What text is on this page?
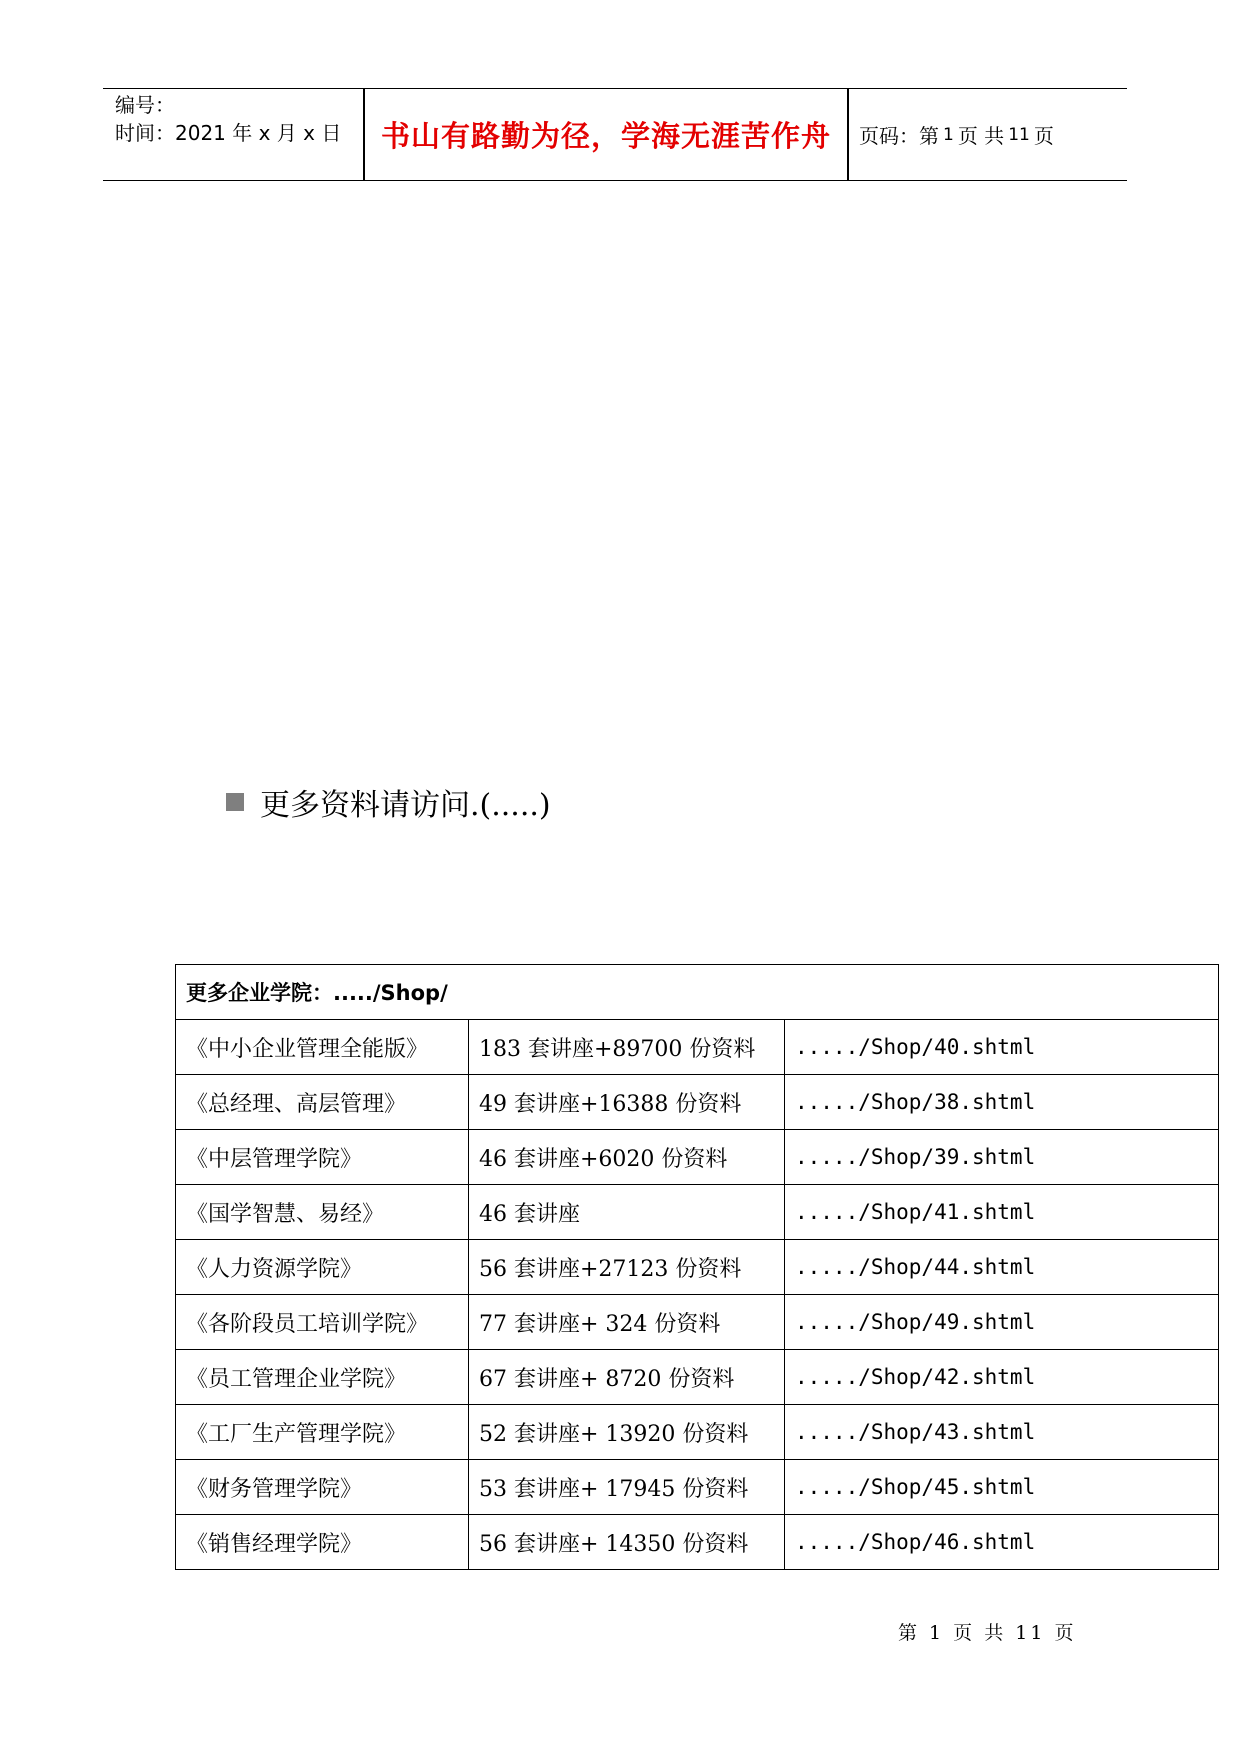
编号：
时间：2021 年 x 月 x 日	书山有路勤为径，学海无涯苦作舟	页码：第 1 页 共 11 页
更多资料请访问.(.....)
更多企业学院：...../Shop/		
《中小企业管理全能版》	183 套讲座+89700 份资料	...../Shop/40.shtml
《总经理、高层管理》	49 套讲座+16388 份资料	...../Shop/38.shtml
《中层管理学院》	46 套讲座+6020 份资料	...../Shop/39.shtml
《国学智慧、易经》	46 套讲座	...../Shop/41.shtml
《人力资源学院》	56 套讲座+27123 份资料	...../Shop/44.shtml
《各阶段员工培训学院》	77 套讲座+ 324 份资料	...../Shop/49.shtml
《员工管理企业学院》	67 套讲座+ 8720 份资料	...../Shop/42.shtml
《工厂生产管理学院》	52 套讲座+ 13920 份资料	...../Shop/43.shtml
《财务管理学院》	53 套讲座+ 17945 份资料	...../Shop/45.shtml
《销售经理学院》	56 套讲座+ 14350 份资料	...../Shop/46.shtml
第 1 页 共 11 页
